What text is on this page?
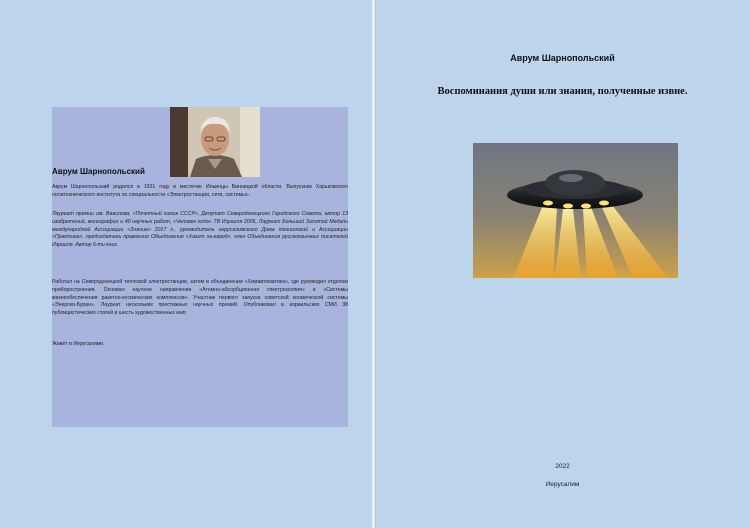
Аврум Шарнопольский

Аврум Шарнопольский родился в 1931 году в местечке Ильинцы Винницкой области. Выпускник Харьковского политехнического института по специальности «Электростанции, сети, системы».

Лауреат премии им. Вавилова, «Почетный химик СССР», Депутат Северодонецкого Городского Совета, автор 13 изобретений, монографии и 40 научных работ, «Человек года» ТВ Израиля 2006, Лауреат Большой Золотой Медали международной Ассоциации «Знание» 2017 г., руководитель иерусалимского Дома технологий и Ассоциации «Практика», председатель правления Объединения «Хазит ха-кавод», член Объединения русскоязычных писателей Израиля. Автор 6-ти книг.

Работал на Северодонецкой тепловой электростанции, затем в объединении «Химавтоматика», где руководил отделом приборостроения. Основал научное направление «Атомно-абсорбционная спектроскопия» и «Системы жизнеобеспечения ракетно-космических комплексов». Участник первого запуска советской космической системы «Энергия-Буран». Лауреат нескольких престижных научных премий. Опубликовал в израильских СМИ 38 публицистических статей и шесть художественных книг.

Живёт в Иерусалиме.

Аврум Шарнопольский
Воспоминания души или знания, полученные извне.
2022
Иерусалим
